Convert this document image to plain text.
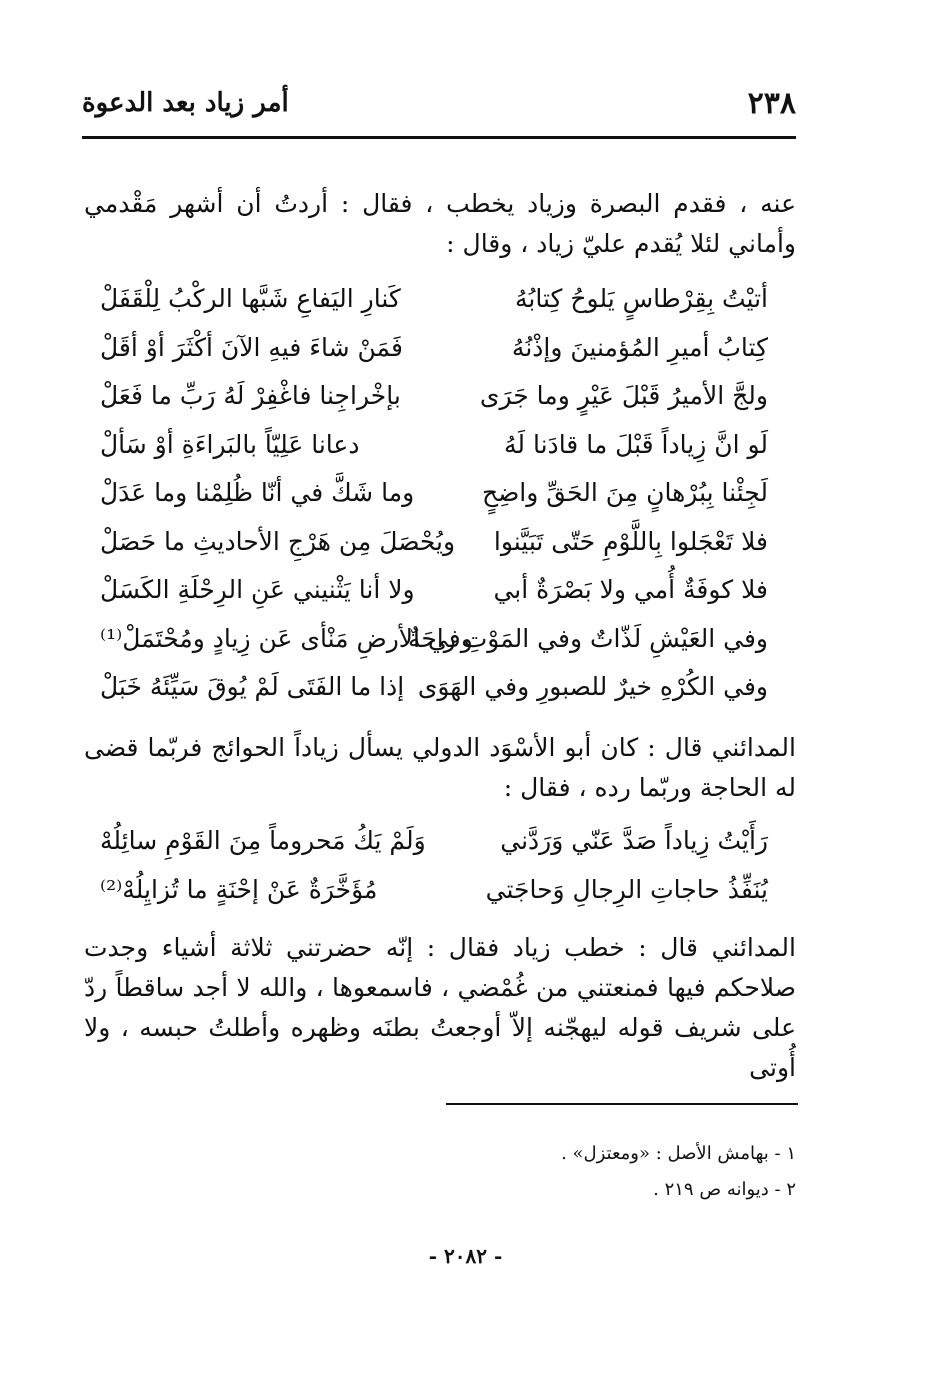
٢٣٨
أمر زياد بعد الدعوة
عنه ، فقدم البصرة وزياد يخطب ، فقال : أردتُ أن أشهر مَقْدمي وأماني لئلا يُقدم عليّ زياد ، وقال :
أتيْتُ بِقِرْطاسٍ يَلوحُ كِتابُهُ
كَنارِ اليَفاعِ شَبَّها الركْبُ لِلْقَفَلْ
كِتابُ أميرِ المُؤمنينَ وإذْنُهُ
فَمَنْ شاءَ فيهِ الآنَ أكْثَرَ أوْ أقَلْ
ولجَّ الأميرُ قَبْلَ عَيْرٍ وما جَرَى
بإخْراجِنا فاغْفِرْ لَهُ رَبِّ ما فَعَلْ
لَو انَّ زِياداً قَبْلَ ما قادَنا لَهُ
دعانا عَلِيّاً بالبَراءَةِ أوْ سَألْ
لَجِئْنا بِبُرْهانٍ مِنَ الحَقِّ واضِحٍ
وما شَكَّ في أنّا ظُلِمْنا وما عَدَلْ
فلا تَعْجَلوا بِاللَّوْمِ حَتّى تَبَيَّنوا
ويُحْصَلَ مِن هَرْجِ الأحاديثِ ما حَصَلْ
فلا كوفَةٌ أُمي ولا بَصْرَةٌ أبي
ولا أنا يَثْنيني عَنِ الرِحْلَةِ الكَسَلْ
وفي العَيْشِ لَذّاتٌ وفي المَوْتِ راحَةٌ
وفي الأرضِ مَنْأى عَن زِيادٍ ومُحْتَمَلْ⁽¹⁾
وفي الكُرْهِ خيرٌ للصبورِ وفي الهَوَى
إذا ما الفَتَى لَمْ يُوقَ سَيِّئَهُ خَبَلْ
المدائني قال : كان أبو الأسْوَد الدولي يسأل زياداً الحوائج فربّما قضى له الحاجة وربّما رده ، فقال :
رَأَيْتُ زِياداً صَدَّ عَنّي وَرَدَّني
وَلَمْ يَكُ مَحروماً مِنَ القَوْمِ سائِلُهْ
يُنَفِّذُ حاجاتِ الرِجالِ وَحاجَتي
مُؤَخَّرَةٌ عَنْ إحْنَةٍ ما تُزايِلُهْ⁽²⁾
المدائني قال : خطب زياد فقال : إنّه حضرتني ثلاثة أشياء وجدت صلاحكم فيها فمنعتني من غُمْضي ، فاسمعوها ، والله لا أجد ساقطاً ردّ على شريف قوله ليهجّنه إلاّ أوجعتُ بطنَه وظهره وأطلتُ حبسه ، ولا أُوتى
١ - بهامش الأصل : «ومعتزل» .
٢ - ديوانه ص ٢١٩ .
- ٢٠٨٢ -
